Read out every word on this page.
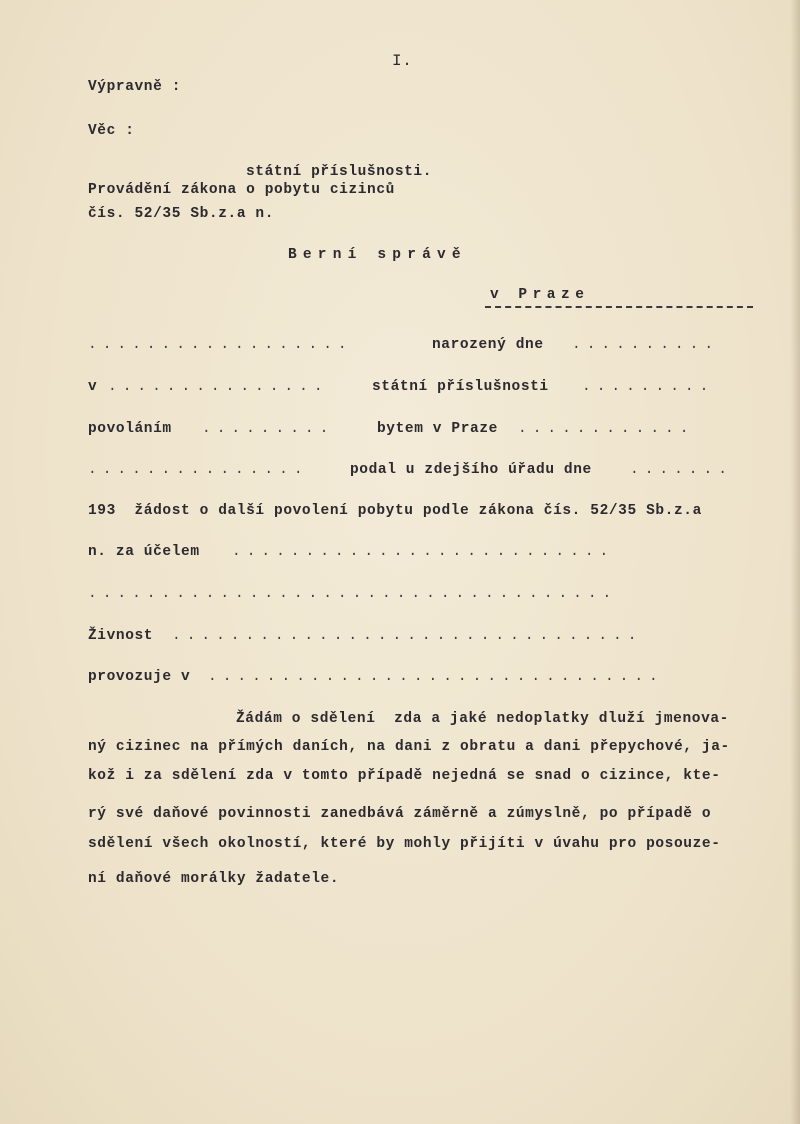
I.
Výpravně :
Věc :
státní příslušnosti.
Provádění zákona o pobytu cizinců
čís. 52/35 Sb.z.a n.
Berní správě
v Praze
..................	narozený dne ..........
v ...............	státní příslušnosti .........
povoláním .........	bytem v Praze ............
...............	podal u zdejšího úřadu dne	.......
193  žádost o další povolení pobytu podle zákona čís. 52/35 Sb.z.a
n. za účelem ..........................
....................................
Živnost ................................
provozuje v ...............................
Žádám o sdělení  zda a jaké nedoplatky dluží jmenova-
ný cizinec na přímých daních, na dani z obratu a dani přepychové, ja-
kož i za sdělení zda v tomto případě nejedná se snad o cizince, kte-
rý své daňové povinnosti zanedbává záměrně a zúmyslně, po případě o
sdělení všech okolností, které by mohly přijíti v úvahu pro posouze-
ní daňové morálky žadatele.
